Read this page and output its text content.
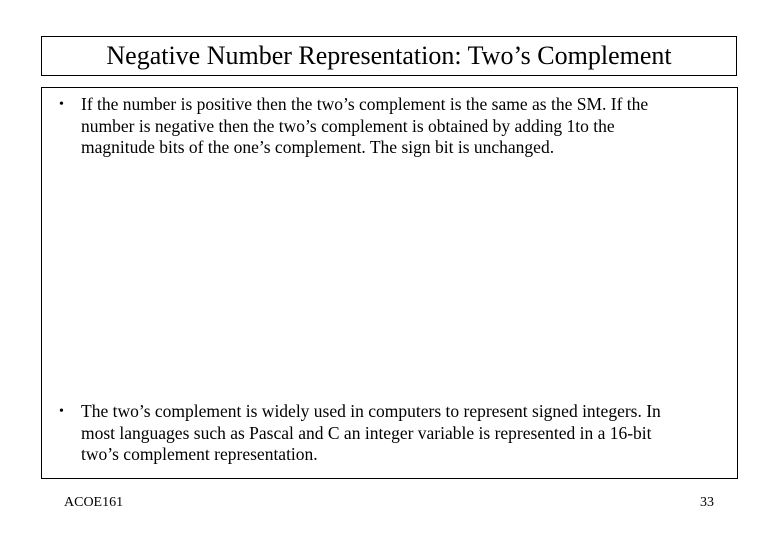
Negative Number Representation: Two’s Complement
• If the number is positive then the two’s complement is the same as the SM. If the
number is negative then the two’s complement is obtained by adding 1to the
magnitude bits of the one’s complement. The sign bit is unchanged.
• The two’s complement is widely used in computers to represent signed integers. In
most languages such as Pascal and C an integer variable is represented in a 16-bit
two’s complement representation.
ACOE161	33
